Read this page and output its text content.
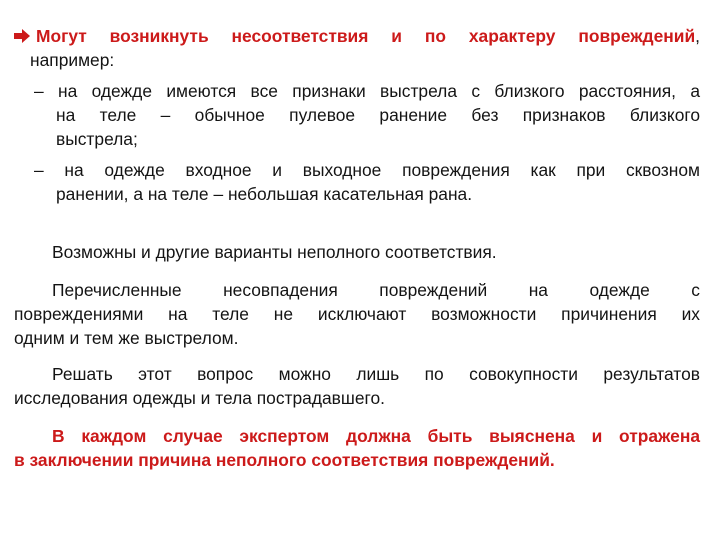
Могут возникнуть несоответствия и по характеру повреждений,
например:
– на одежде имеются все признаки выстрела с близкого расстояния, а
на теле – обычное пулевое ранение без признаков близкого
выстрела;
– на одежде входное и выходное повреждения как при сквозном
ранении, а на теле – небольшая касательная рана.
Возможны и другие варианты неполного соответствия.
Перечисленные несовпадения повреждений на одежде с
повреждениями на теле не исключают возможности причинения их
одним и тем же выстрелом.
Решать этот вопрос можно лишь по совокупности результатов
исследования одежды и тела пострадавшего.
В каждом случае экспертом должна быть выяснена и отражена
в заключении причина неполного соответствия повреждений.
